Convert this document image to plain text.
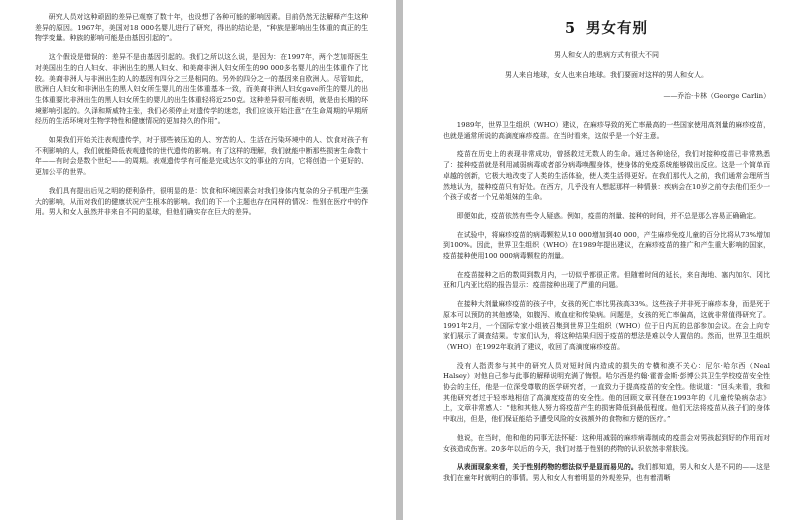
研究人员对这种顽固的差异已观察了数十年，也设想了各种可能的影响因素。目前仍然无法解释产生这种差异的原因。1967年，美国对18 000名婴儿进行了研究，得出的结论是，“种族是影响出生体重的真正的生物学变量。种族的影响可能是由基因引起的”。

这个假设是错误的：差异不是由基因引起的。我们之所以这么说，是因为：在1997年，两个芝加哥医生对美国出生的白人妇女、非洲出生的黑人妇女、和美裔非洲人妇女所生的90 000多名婴儿的出生体重作了比较。美裔非洲人与非洲出生的人的基因有四分之三是相同的。另外的四分之一的基因来自欧洲人。尽管如此，欧洲白人妇女和非洲出生的黑人妇女所生婴儿的出生体重基本一致，而美裔非洲人妇女gave所生的婴儿的出生体重要比非洲出生的黑人妇女所生的婴儿的出生体重轻将近250克。这种差异很可能表明，就是由长期的环境影响引起的。久泽和斯威特主张，我们必须停止对遗传学的迷恋，我们应该开始注意“在生命周期的早期所经历的生活环境对生物学特性和健康情况的更加持久的作用”。

如果我们开始关注表观遗传学，对于那些被压迫的人、穷苦的人、生活在污染环境中的人、饮食对孩子有不利影响的人，我们就能降低表观遗传的世代遗传的影响。有了这样的理解，我们就能中断那些损害生命数十年——有时会是数个世纪——的周期。表观遗传学有可能是完成达尔文的事业的方向，它将创造一个更好的、更加公平的世界。

我们具有提出后见之明的便利条件，很明显的是：饮食和环境因素会对我们身体内复杂的分子机理产生强大的影响，从而对我们的健康状况产生根本的影响。我们的下一个主题也存在同样的情况：性别在医疗中的作用。男人和女人虽然并非来自不同的星球，但他们确实存在巨大的差异。

5 男女有别
男人和女人的患病方式有很大不同
男人来自地球，女人也来自地球。我们要面对这样的男人和女人。
——乔治·卡林（George Carlin）

1989年，世界卫生组织（WHO）建议，在麻疹导致的死亡率最高的一些国家使用高剂量的麻疹疫苗，也就是通常所说的高滴度麻疹疫苗。在当时看来，这似乎是一个好主意。

疫苗在历史上的表现非常成功，曾拯救过无数人的生命。通过各种途径，我们对接种疫苗已非常熟悉了：接种疫苗就是利用减弱病毒或者部分病毒唤醒身体，使身体的免疫系统能够做出反应。这是一个简单而卓越的创新，它极大地改变了人类的生活体验，使人类生活得更好。在我们那代人之前，我们通常会理所当然地认为，接种疫苗只有好处。在西方，几乎没有人想起那样一种情景：疾病会在10岁之前夺去他们至少一个孩子或者一个兄弟姐妹的生命。

即便如此，疫苗依然有些令人疑惑。例如，疫苗的剂量、接种的时间，并不总是那么容易正确确定。

在试验中，将麻疹疫苗的病毒颗粒从10 000增加到40 000，产生麻疹免疫儿童的百分比将从73%增加到100%。因此，世界卫生组织（WHO）在1989年提出建议，在麻疹疫苗的推广和产生重大影响的国家，疫苗接种使用100 000病毒颗粒的剂量。

在疫苗接种之后的数周到数月内，一切似乎都很正常。但随着时间的延长，来自海地、塞内加尔、冈比亚和几内亚比绍的报告显示：疫苗接种出现了严重的问题。

在接种大剂量麻疹疫苗的孩子中，女孩的死亡率比男孩高33%。这些孩子并非死于麻疹本身，而是死于原本可以预防的其他感染，如腹泻、败血症和传染病。问题是，女孩的死亡率偏高，这就非常值得研究了。1991年2月，一个国际专家小组被召集到世界卫生组织（WHO）位于日内瓦的总部参加会议。在会上向专家们展示了调查结果。专家们认为，将这种结果归因于疫苗的想法是难以令人置信的。然而，世界卫生组织（WHO）在1992年取消了建议，收回了高滴度麻疹疫苗。

没有人指责参与其中的研究人员对短时间内造成的损失的专横和漠不关心：尼尔·哈尔西（Neal Halsey）对他自己参与此事的解释说明充满了悔恨。哈尔西是约翰·霍普金斯·彭博公共卫生学校疫苗安全性协会的主任，他是一位深受尊敬的医学研究者，一直致力于提高疫苗的安全性。他说道：“回头来看，我和其他研究者过于轻率地相信了高滴度疫苗的安全性。他的回顾文章刊登在1993年的《儿童传染病杂志》上，文章非常感人：“他和其他人努力将疫苗产生的损害降低到最低程度。他们无法将疫苗从孩子们的身体中取出，但是，他们保证能给予遭受风险的女孩额外的食物和方便的医疗。”

他说，在当时，他和他的同事无法怀疑：这种用减弱的麻疹病毒制成的疫苗会对男孩起到好的作用而对女孩造成伤害。20多年以后的今天，我们对基于性别的药物的认识依然非常肤浅。

从表面现象来看，关于性别药物的想法似乎是显而易见的。我们都知道，男人和女人是不同的——这是我们在童年时就明白的事情。男人和女人有着明显的外观差异，也有着清晰
